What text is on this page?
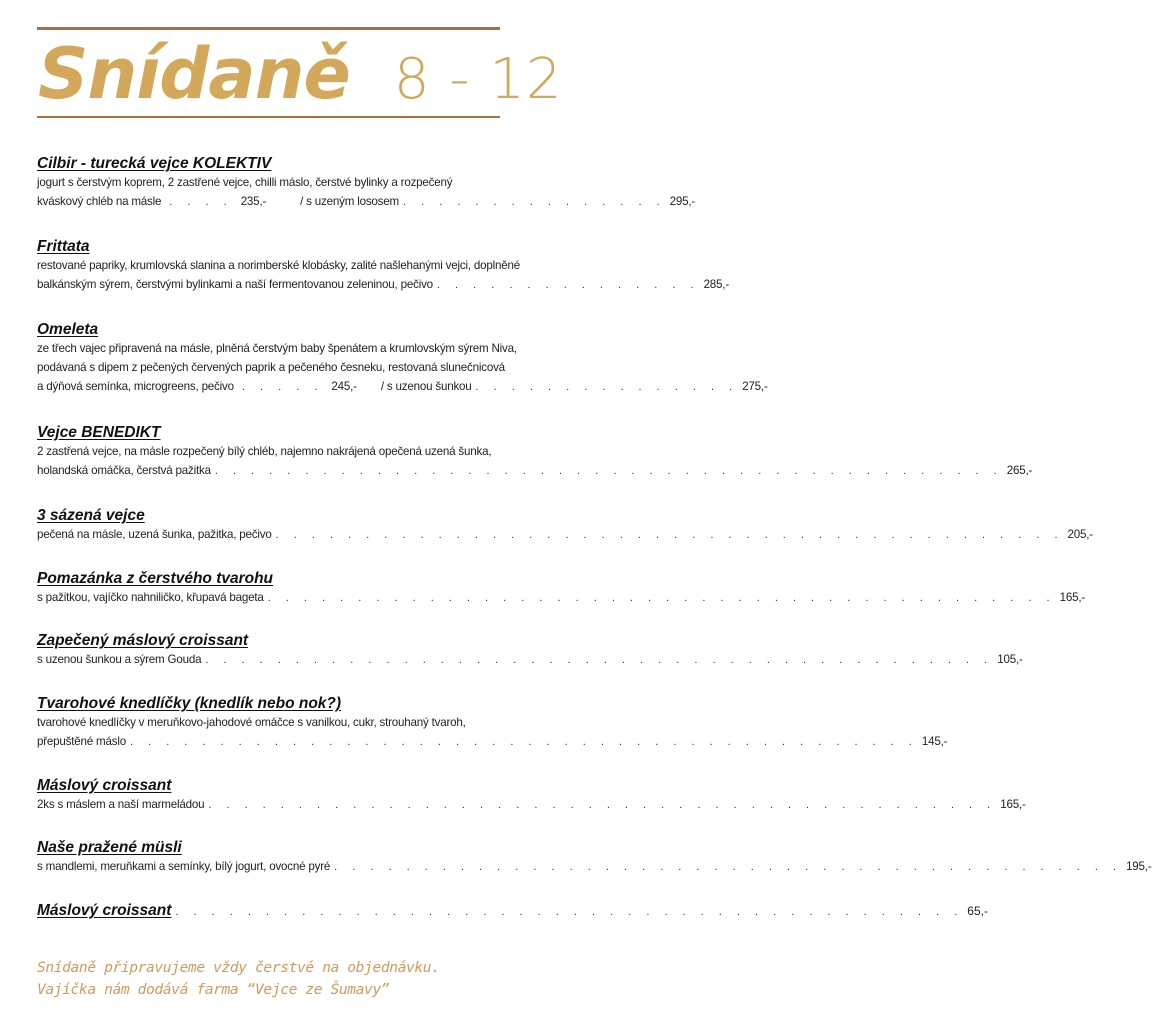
Snídaně 8 - 12
Cilbir - turecká vejce KOLEKTIV
jogurt s čerstvým koprem, 2 zastřené vejce, chilli máslo, čerstvé bylinky a rozpečený
kváskový chléb na másle . . . . 235,-	/ s uzeným lososem . . . . . . . . . . . . . . . 295,-
Frittata
restované papriky, krumlovská slanina a norimberské klobásky, zalité našlehanými vejci, doplněné
balkánským sýrem, čerstvými bylinkami a naší fermentovanou zeleninou, pečivo . . . . . . . . . . . . . . . 285,-
Omeleta
ze třech vajec připravená na másle, plněná čerstvým baby špenátem a krumlovským sýrem Niva,
podávaná s dipem z pečených červených paprik a pečeného česneku, restovaná slunečnicová
a dýňová semínka, microgreens, pečivo . . . . . 245,- / s uzenou šunkou . . . . . . . . . . . . . . . 275,-
Vejce BENEDIKT
2 zastřená vejce, na másle rozpečený bílý chléb, najemno nakrájená opečená uzená šunka,
holandská omáčka, čerstvá pažitka . . . . . . . . . . . . . . . . . . . . . . . . . . . . . . . . . . . . . . . . . . . . 265,-
3 sázená vejce
pečená na másle, uzená šunka, pažitka, pečivo . . . . . . . . . . . . . . . . . . . . . . . . . . . . . . . . . . . . . . . . . . . . 205,-
Pomazánka z čerstvého tvarohu
s pažitkou, vajíčko nahniličko, křupavá bageta . . . . . . . . . . . . . . . . . . . . . . . . . . . . . . . . . . . . . . . . . . . . 165,-
Zapečený máslový croissant
s uzenou šunkou a sýrem Gouda . . . . . . . . . . . . . . . . . . . . . . . . . . . . . . . . . . . . . . . . . . . . 105,-
Tvarohové knedlíčky (knedlík nebo nok?)
tvarohové knedlíčky v meruňkovo-jahodové omáčce s vanilkou, cukr, strouhaný tvaroh,
přepuštěné máslo . . . . . . . . . . . . . . . . . . . . . . . . . . . . . . . . . . . . . . . . . . . . 145,-
Máslový croissant
2ks s máslem a naší marmeládou . . . . . . . . . . . . . . . . . . . . . . . . . . . . . . . . . . . . . . . . . . . . 165,-
Naše pražené müsli
s mandlemi, meruňkami a semínky, bílý jogurt, ovocné pyré . . . . . . . . . . . . . . . . . . . . . . . . . . . . . . . . . . . . . . . . . . . . 195,-
Máslový croissant . . . . . . . . . . . . . . . . . . . . . . . . . . . . . . . . . . . . . . . . . . . . 65,-
Snídaně připravujeme vždy čerstvé na objednávku.
Vajíčka nám dodává farma “Vejce ze Šumavy”
